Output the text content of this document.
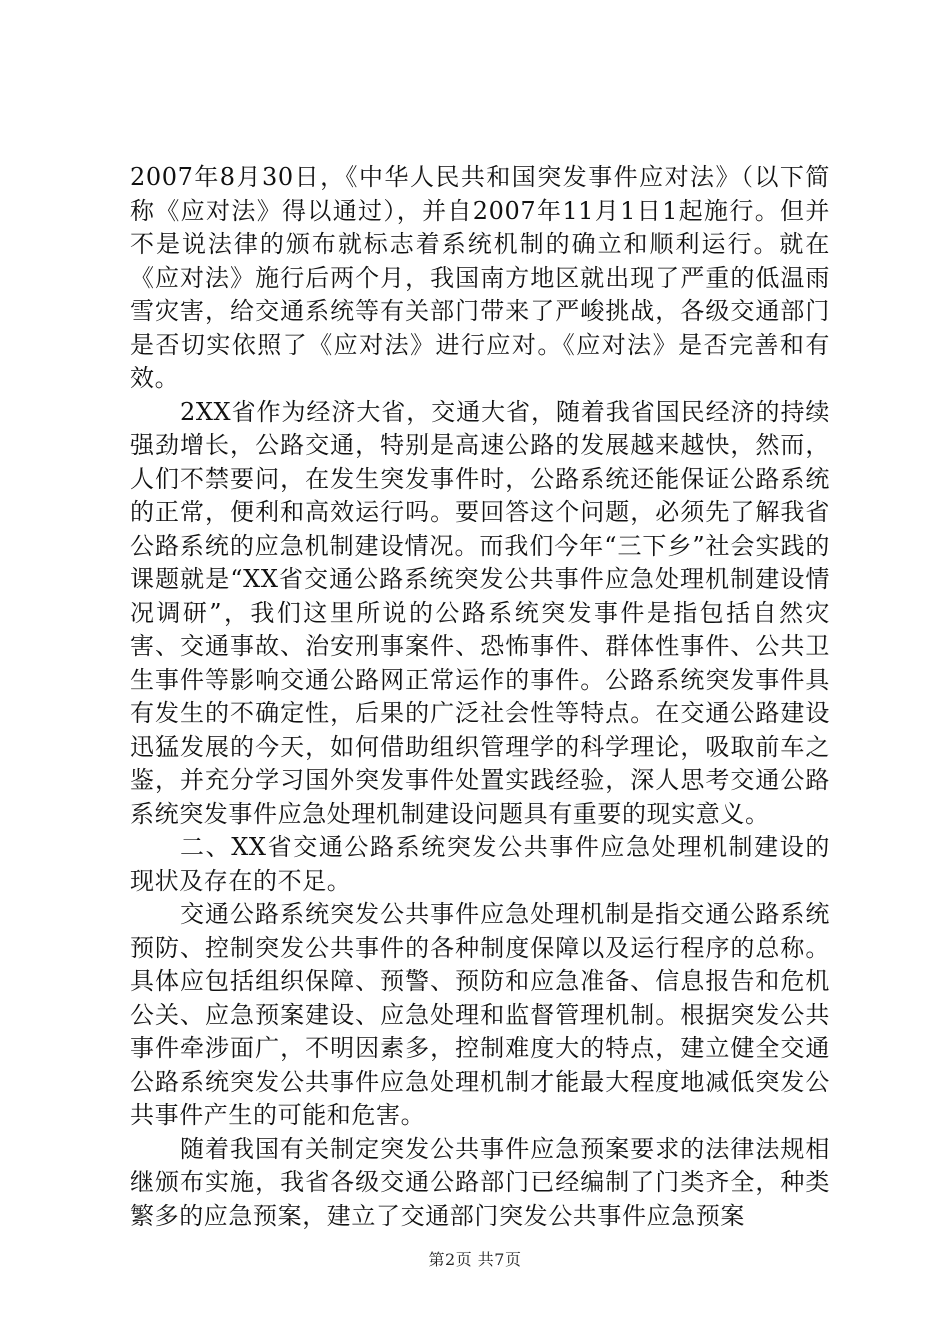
2007年8月30日，《中华人民共和国突发事件应对法》（以下简称《应对法》得以通过），并自2007年11月1日1起施行。但并不是说法律的颁布就标志着系统机制的确立和顺利运行。就在《应对法》施行后两个月，我国南方地区就出现了严重的低温雨雪灾害，给交通系统等有关部门带来了严峻挑战，各级交通部门是否切实依照了《应对法》进行应对。《应对法》是否完善和有效。

2XX省作为经济大省，交通大省，随着我省国民经济的持续强劲增长，公路交通，特别是高速公路的发展越来越快，然而，人们不禁要问，在发生突发事件时，公路系统还能保证公路系统的正常，便利和高效运行吗。要回答这个问题，必须先了解我省公路系统的应急机制建设情况。而我们今年“三下乡”社会实践的课题就是“XX省交通公路系统突发公共事件应急处理机制建设情况调研”，我们这里所说的公路系统突发事件是指包括自然灾害、交通事故、治安刑事案件、恐怖事件、群体性事件、公共卫生事件等影响交通公路网正常运作的事件。公路系统突发事件具有发生的不确定性，后果的广泛社会性等特点。在交通公路建设迅猛发展的今天，如何借助组织管理学的科学理论，吸取前车之鉴，并充分学习国外突发事件处置实践经验，深人思考交通公路系统突发事件应急处理机制建设问题具有重要的现实意义。

二、XX省交通公路系统突发公共事件应急处理机制建设的现状及存在的不足。

交通公路系统突发公共事件应急处理机制是指交通公路系统预防、控制突发公共事件的各种制度保障以及运行程序的总称。具体应包括组织保障、预警、预防和应急准备、信息报告和危机公关、应急预案建设、应急处理和监督管理机制。根据突发公共事件牵涉面广，不明因素多，控制难度大的特点，建立健全交通公路系统突发公共事件应急处理机制才能最大程度地减低突发公共事件产生的可能和危害。

随着我国有关制定突发公共事件应急预案要求的法律法规相继颁布实施，我省各级交通公路部门已经编制了门类齐全，种类繁多的应急预案，建立了交通部门突发公共事件应急预案

第2页 共7页
